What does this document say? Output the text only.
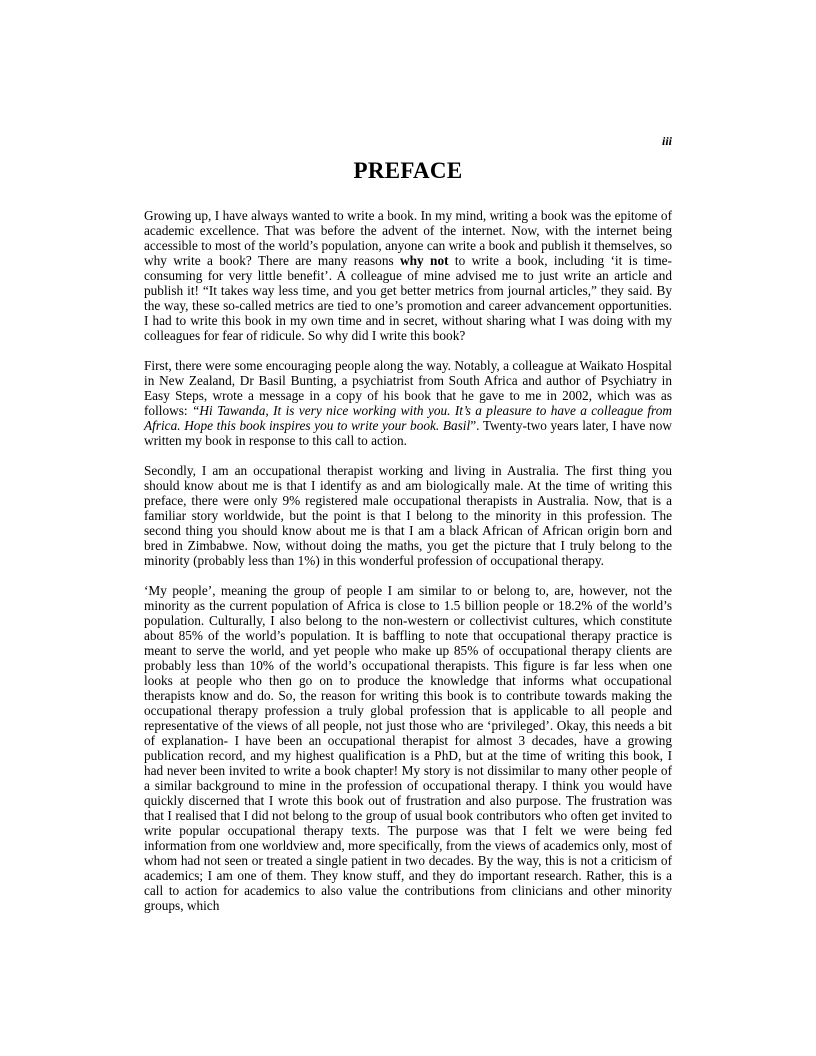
iii

PREFACE

Growing up, I have always wanted to write a book. In my mind, writing a book was the epitome of academic excellence. That was before the advent of the internet. Now, with the internet being accessible to most of the world’s population, anyone can write a book and publish it themselves, so why write a book? There are many reasons why not to write a book, including ‘it is time-consuming for very little benefit’. A colleague of mine advised me to just write an article and publish it! “It takes way less time, and you get better metrics from journal articles,” they said. By the way, these so-called metrics are tied to one’s promotion and career advancement opportunities. I had to write this book in my own time and in secret, without sharing what I was doing with my colleagues for fear of ridicule. So why did I write this book?

First, there were some encouraging people along the way. Notably, a colleague at Waikato Hospital in New Zealand, Dr Basil Bunting, a psychiatrist from South Africa and author of Psychiatry in Easy Steps, wrote a message in a copy of his book that he gave to me in 2002, which was as follows: “Hi Tawanda, It is very nice working with you. It’s a pleasure to have a colleague from Africa. Hope this book inspires you to write your book. Basil”. Twenty-two years later, I have now written my book in response to this call to action.

Secondly, I am an occupational therapist working and living in Australia. The first thing you should know about me is that I identify as and am biologically male. At the time of writing this preface, there were only 9% registered male occupational therapists in Australia. Now, that is a familiar story worldwide, but the point is that I belong to the minority in this profession. The second thing you should know about me is that I am a black African of African origin born and bred in Zimbabwe. Now, without doing the maths, you get the picture that I truly belong to the minority (probably less than 1%) in this wonderful profession of occupational therapy.

‘My people’, meaning the group of people I am similar to or belong to, are, however, not the minority as the current population of Africa is close to 1.5 billion people or 18.2% of the world’s population. Culturally, I also belong to the non-western or collectivist cultures, which constitute about 85% of the world’s population. It is baffling to note that occupational therapy practice is meant to serve the world, and yet people who make up 85% of occupational therapy clients are probably less than 10% of the world’s occupational therapists. This figure is far less when one looks at people who then go on to produce the knowledge that informs what occupational therapists know and do. So, the reason for writing this book is to contribute towards making the occupational therapy profession a truly global profession that is applicable to all people and representative of the views of all people, not just those who are ‘privileged’. Okay, this needs a bit of explanation- I have been an occupational therapist for almost 3 decades, have a growing publication record, and my highest qualification is a PhD, but at the time of writing this book, I had never been invited to write a book chapter! My story is not dissimilar to many other people of a similar background to mine in the profession of occupational therapy. I think you would have quickly discerned that I wrote this book out of frustration and also purpose. The frustration was that I realised that I did not belong to the group of usual book contributors who often get invited to write popular occupational therapy texts. The purpose was that I felt we were being fed information from one worldview and, more specifically, from the views of academics only, most of whom had not seen or treated a single patient in two decades. By the way, this is not a criticism of academics; I am one of them. They know stuff, and they do important research. Rather, this is a call to action for academics to also value the contributions from clinicians and other minority groups, which
